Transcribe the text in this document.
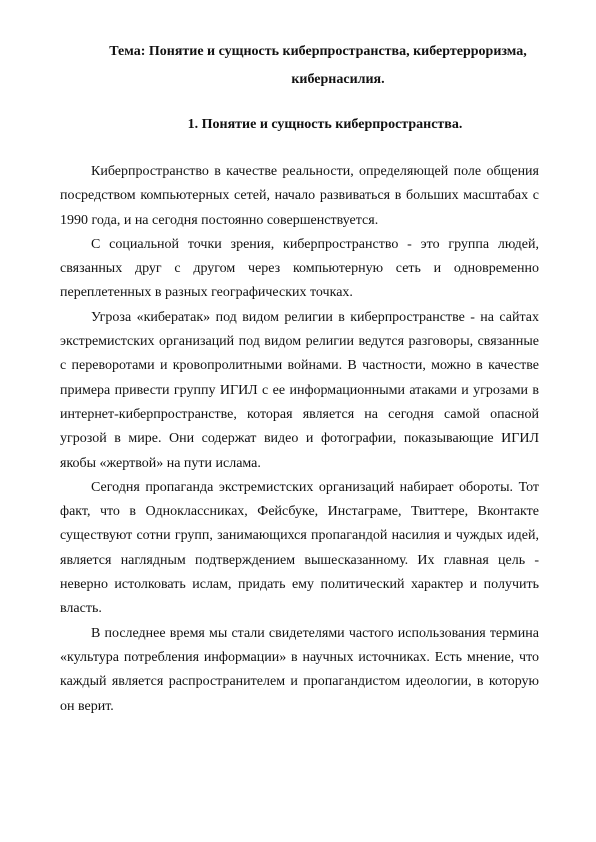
Тема: Понятие и сущность киберпространства, кибертерроризма,
кибернасилия.
1. Понятие и сущность киберпространства.

Киберпространство в качестве реальности, определяющей поле общения посредством компьютерных сетей, начало развиваться в больших масштабах с 1990 года, и на сегодня постоянно совершенствуется.

С социальной точки зрения, киберпространство - это группа людей, связанных друг с другом через компьютерную сеть и одновременно переплетенных в разных географических точках.

Угроза «кибератак» под видом религии в киберпространстве - на сайтах экстремистских организаций под видом религии ведутся разговоры, связанные с переворотами и кровопролитными войнами. В частности, можно в качестве примера привести группу ИГИЛ с ее информационными атаками и угрозами в интернет-киберпространстве, которая является на сегодня самой опасной угрозой в мире. Они содержат видео и фотографии, показывающие ИГИЛ якобы «жертвой» на пути ислама.

Сегодня пропаганда экстремистских организаций набирает обороты. Тот факт, что в Одноклассниках, Фейсбуке, Инстаграме, Твиттере, Вконтакте существуют сотни групп, занимающихся пропагандой насилия и чуждых идей, является наглядным подтверждением вышесказанному. Их главная цель - неверно истолковать ислам, придать ему политический характер и получить власть.

В последнее время мы стали свидетелями частого использования термина «культура потребления информации» в научных источниках. Есть мнение, что каждый является распространителем и пропагандистом идеологии, в которую он верит.
